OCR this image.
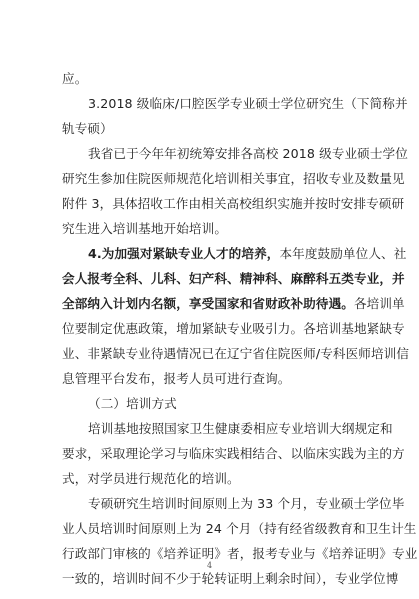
应。
3.2018 级临床/口腔医学专业硕士学位研究生（下简称并
轨专硕）
我省已于今年年初统筹安排各高校 2018 级专业硕士学位
研究生参加住院医师规范化培训相关事宜，招收专业及数量见
附件 3，具体招收工作由相关高校组织实施并按时安排专硕研
究生进入培训基地开始培训。
4.为加强对紧缺专业人才的培养，本年度鼓励单位人、社
会人报考全科、儿科、妇产科、精神科、麻醉科五类专业，并
全部纳入计划内名额，享受国家和省财政补助待遇。各培训单
位要制定优惠政策，增加紧缺专业吸引力。各培训基地紧缺专
业、非紧缺专业待遇情况已在辽宁省住院医师/专科医师培训信
息管理平台发布，报考人员可进行查询。
（二）培训方式
培训基地按照国家卫生健康委相应专业培训大纲规定和
要求，采取理论学习与临床实践相结合、以临床实践为主的方
式，对学员进行规范化的培训。
专硕研究生培训时间原则上为 33 个月，专业硕士学位毕
业人员培训时间原则上为 24 个月（持有经省级教育和卫生计生
行政部门审核的《培养证明》者，报考专业与《培养证明》专业
一致的，培训时间不少于轮转证明上剩余时间），专业学位博
4
